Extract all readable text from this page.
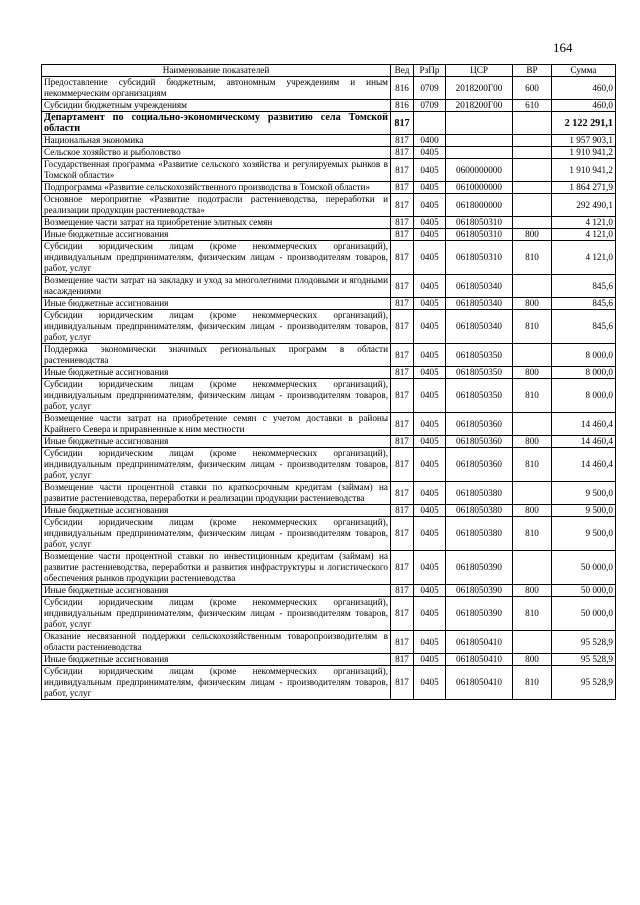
164
Наименование показателей	Вед	РзПр	ЦСР	ВР	Сумма
Предоставление субсидий бюджетным, автономным учреждениям и иным некоммерческим организациям	816	0709	2018200Г00	600	460,0
Субсидии бюджетным учреждениям	816	0709	2018200Г00	610	460,0
Департамент по социально-экономическому развитию села Томской области	817				2 122 291,1
Национальная экономика	817	0400			1 957 903,1
Сельское хозяйство и рыболовство	817	0405			1 910 941,2
Государственная программа «Развитие сельского хозяйства и регулируемых рынков в Томской области»	817	0405	0600000000		1 910 941,2
Подпрограмма «Развитие сельскохозяйственного производства в Томской области»	817	0405	0610000000		1 864 271,9
Основное мероприятие «Развитие подотрасли растениеводства, переработки и реализации продукции растениеводства»	817	0405	0618000000		292 490,1
Возмещение части затрат на приобретение элитных семян	817	0405	0618050310		4 121,0
Иные бюджетные ассигнования	817	0405	0618050310	800	4 121,0
Субсидии юридическим лицам (кроме некоммерческих организаций), индивидуальным предпринимателям, физическим лицам - производителям товаров, работ, услуг	817	0405	0618050310	810	4 121,0
Возмещение части затрат на закладку и уход за многолетними плодовыми и ягодными насаждениями	817	0405	0618050340		845,6
Иные бюджетные ассигнования	817	0405	0618050340	800	845,6
Субсидии юридическим лицам (кроме некоммерческих организаций), индивидуальным предпринимателям, физическим лицам - производителям товаров, работ, услуг	817	0405	0618050340	810	845,6
Поддержка экономически значимых региональных программ в области растениеводства	817	0405	0618050350		8 000,0
Иные бюджетные ассигнования	817	0405	0618050350	800	8 000,0
Субсидии юридическим лицам (кроме некоммерческих организаций), индивидуальным предпринимателям, физическим лицам - производителям товаров, работ, услуг	817	0405	0618050350	810	8 000,0
Возмещение части затрат на приобретение семян с учетом доставки в районы Крайнего Севера и приравненные к ним местности	817	0405	0618050360		14 460,4
Иные бюджетные ассигнования	817	0405	0618050360	800	14 460,4
Субсидии юридическим лицам (кроме некоммерческих организаций), индивидуальным предпринимателям, физическим лицам - производителям товаров, работ, услуг	817	0405	0618050360	810	14 460,4
Возмещение части процентной ставки по краткосрочным кредитам (займам) на развитие растениеводства, переработки и реализации продукции растениеводства	817	0405	0618050380		9 500,0
Иные бюджетные ассигнования	817	0405	0618050380	800	9 500,0
Субсидии юридическим лицам (кроме некоммерческих организаций), индивидуальным предпринимателям, физическим лицам - производителям товаров, работ, услуг	817	0405	0618050380	810	9 500,0
Возмещение части процентной ставки по инвестиционным кредитам (займам) на развитие растениеводства, переработки и развития инфраструктуры и логистического обеспечения рынков продукции растениеводства	817	0405	0618050390		50 000,0
Иные бюджетные ассигнования	817	0405	0618050390	800	50 000,0
Субсидии юридическим лицам (кроме некоммерческих организаций), индивидуальным предпринимателям, физическим лицам - производителям товаров, работ, услуг	817	0405	0618050390	810	50 000,0
Оказание несвязанной поддержки сельскохозяйственным товаропроизводителям в области растениеводства	817	0405	0618050410		95 528,9
Иные бюджетные ассигнования	817	0405	0618050410	800	95 528,9
Субсидии юридическим лицам (кроме некоммерческих организаций), индивидуальным предпринимателям, физическим лицам - производителям товаров, работ, услуг	817	0405	0618050410	810	95 528,9
